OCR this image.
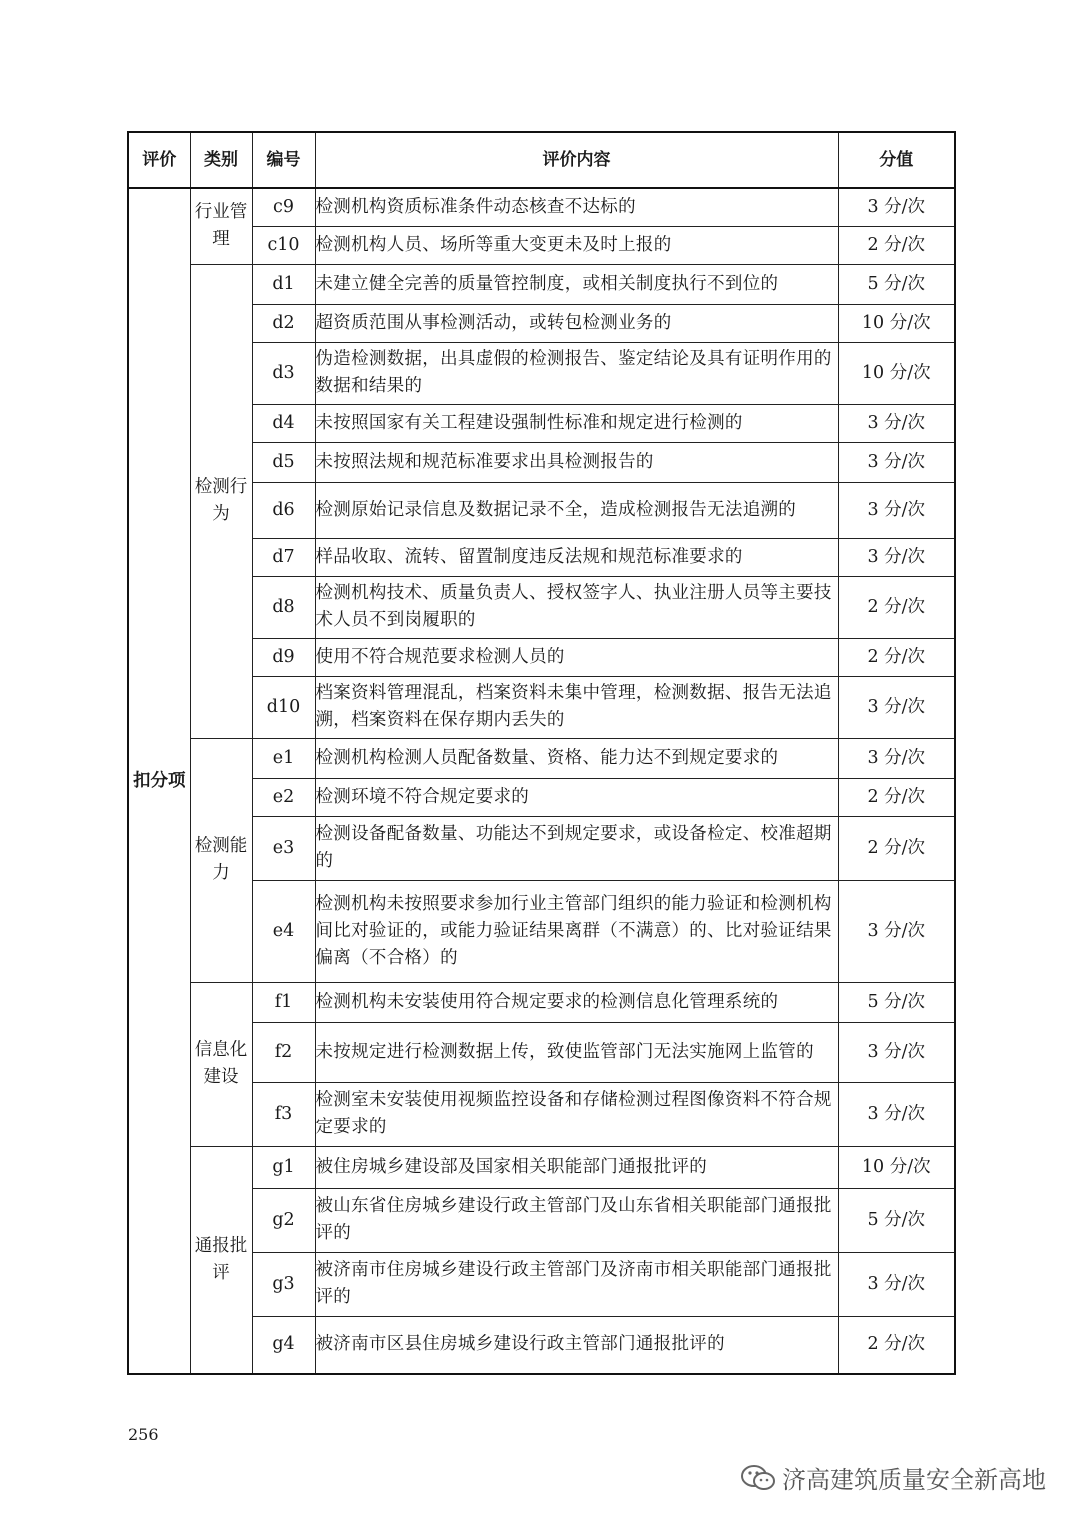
评价	类别	编号	评价内容	分值
扣分项	行业管理	c9	检测机构资质标准条件动态核查不达标的	3 分/次
		c10	检测机构人员、场所等重大变更未及时上报的	2 分/次
	检测行为	d1	未建立健全完善的质量管控制度，或相关制度执行不到位的	5 分/次
		d2	超资质范围从事检测活动，或转包检测业务的	10 分/次
		d3	伪造检测数据，出具虚假的检测报告、鉴定结论及具有证明作用的数据和结果的	10 分/次
		d4	未按照国家有关工程建设强制性标准和规定进行检测的	3 分/次
		d5	未按照法规和规范标准要求出具检测报告的	3 分/次
		d6	检测原始记录信息及数据记录不全，造成检测报告无法追溯的	3 分/次
		d7	样品收取、流转、留置制度违反法规和规范标准要求的	3 分/次
		d8	检测机构技术、质量负责人、授权签字人、执业注册人员等主要技术人员不到岗履职的	2 分/次
		d9	使用不符合规范要求检测人员的	2 分/次
		d10	档案资料管理混乱，档案资料未集中管理，检测数据、报告无法追溯，档案资料在保存期内丢失的	3 分/次
	检测能力	e1	检测机构检测人员配备数量、资格、能力达不到规定要求的	3 分/次
		e2	检测环境不符合规定要求的	2 分/次
		e3	检测设备配备数量、功能达不到规定要求，或设备检定、校准超期的	2 分/次
		e4	检测机构未按照要求参加行业主管部门组织的能力验证和检测机构间比对验证的，或能力验证结果离群（不满意）的、比对验证结果偏离（不合格）的	3 分/次
	信息化建设	f1	检测机构未安装使用符合规定要求的检测信息化管理系统的	5 分/次
		f2	未按规定进行检测数据上传，致使监管部门无法实施网上监管的	3 分/次
		f3	检测室未安装使用视频监控设备和存储检测过程图像资料不符合规定要求的	3 分/次
	通报批评	g1	被住房城乡建设部及国家相关职能部门通报批评的	10 分/次
		g2	被山东省住房城乡建设行政主管部门及山东省相关职能部门通报批评的	5 分/次
		g3	被济南市住房城乡建设行政主管部门及济南市相关职能部门通报批评的	3 分/次
		g4	被济南市区县住房城乡建设行政主管部门通报批评的	2 分/次
256
济高建筑质量安全新高地
